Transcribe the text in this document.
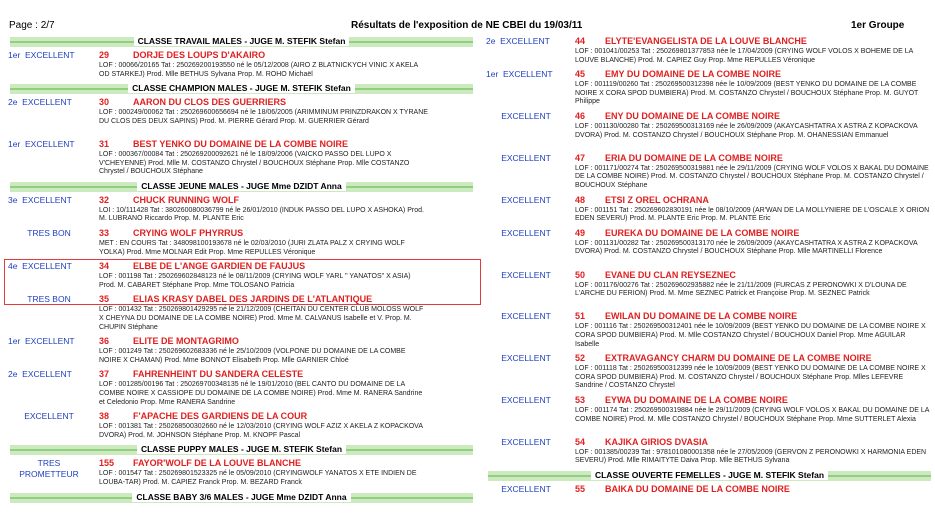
Page : 2/7	Résultats de l'exposition de NE CBEI du 19/03/11	1er Groupe
CLASSE TRAVAIL MALES - JUGE M. STEFIK Stefan
1er  EXCELLENT	29	DORJE DES LOUPS D'AKAIRO
LOF : 00066/20165 Tat : 250269200193550 né le 05/12/2008 (AIRO Z BLATNICKYCH VINIC X AKELA OD STARKEJ) Prod. Mlle BETHUS Sylvana Prop. M. ROHO Michaël
CLASSE CHAMPION MALES - JUGE M. STEFIK Stefan
2e  EXCELLENT	30	AARON DU CLOS DES GUERRIERS
LOF : 000249/00062 Tat : 250269600656694 né le 18/06/2005 (ARIMMINUM PRINZDRAKON X TYRANE DU CLOS DES DEUX SAPINS) Prod. M. PIERRE Gérard Prop. M. GUERRIER Gérard
1er  EXCELLENT	31	BEST YENKO DU DOMAINE DE LA COMBE NOIRE
LOF : 000367/00084 Tat : 250269200092621 né le 18/09/2006 (VAICKO PASSO DEL LUPO X V'CHEYENNE) Prod. Mlle M. COSTANZO Chrystel / BOUCHOUX Stéphane Prop. Mlle COSTANZO Chrystel / BOUCHOUX Stéphane
CLASSE JEUNE MALES - JUGE Mme DZIDT Anna
3e  EXCELLENT	32	CHUCK RUNNING WOLF
LOI : 10/111428 Tat : 380260080036799 né le 26/01/2010 (INDUK PASSO DEL LUPO X ASHOKA) Prod. M. LUBRANO Riccardo Prop. M. PLANTE Eric
TRES BON	33	CRYING WOLF PHYRRUS
MET : EN COURS Tat : 348098100193678 né le 02/03/2010 (JURI ZLATA PALZ X CRYING WOLF YOLKA) Prod. Mme MOLNAR Edit Prop. Mme REPULLES Véronique
4e  EXCELLENT	34	ELBE DE L'ANGE GARDIEN DE FAUJUS
LOF : 001198 Tat : 250269602848123 né le 08/11/2009 (CRYING WOLF YARL " YANATOS" X ASIA) Prod. M. CABARET Stéphane Prop. Mme TOLOSANO Patricia
TRES BON	35	ELIAS KRASY DABEL DES JARDINS DE L'ATLANTIQUE
LOF : 001432 Tat : 250269801429295 né le 21/12/2009 (CHEITAN DU CENTER CLUB MOLOSS WOLF X CHEYNA DU DOMAINE DE LA COMBE NOIRE) Prod. Mme M. CALVANUS Isabelle et V. Prop. M. CHUPIN Stéphane
1er  EXCELLENT	36	ELITE DE MONTAGRIMO
LOF : 001249 Tat : 250269602683336 né le 25/10/2009 (VOLPONE DU DOMAINE DE LA COMBE NOIRE X CHAMAN) Prod. Mme BONNOT Elisabeth Prop. Mlle GARNIER Chloé
2e  EXCELLENT	37	FAHRENHEINT DU SANDERA CELESTE
LOF : 001285/00196 Tat : 250269700348135 né le 19/01/2010 (BEL CANTO DU DOMAINE DE LA COMBE NOIRE X CASSIOPE DU DOMAINE DE LA COMBE NOIRE) Prod. Mme M. RANERA Sandrine et Celedonio Prop. Mme RANERA Sandrine
EXCELLENT	38	F'APACHE DES GARDIENS DE LA COUR
LOF : 001381 Tat : 250268500302660 né le 12/03/2010 (CRYING WOLF AZIZ X AKELA Z KOPACKOVA DVORA) Prod. M. JOHNSON Stéphane Prop. M. KNOPF Pascal
CLASSE PUPPY MALES - JUGE M. STEFIK Stefan
TRES
PROMETTEUR
155 FAYOR'WOLF DE LA LOUVE BLANCHE
LOF : 001547 Tat : 250269801523325 né le 05/09/2010 (CRYINGWOLF YANATOS X ETE INDIEN DE LOUBA-TAR) Prod. M. CAPIEZ Franck Prop. M. BEZARD Franck
CLASSE BABY 3/6 MALES - JUGE Mme DZIDT Anna
2e  EXCELLENT	44 ELYTE'EVANGELISTA DE LA LOUVE BLANCHE
LOF : 001041/00253 Tat : 250269801377853 née le 17/04/2009 (CRYING WOLF VOLOS X BOHEME DE LA LOUVE BLANCHE) Prod. M. CAPIEZ Guy Prop. Mme REPULLES Véronique
1er  EXCELLENT	45 EMY DU DOMAINE DE LA COMBE NOIRE
LOF : 001119/00260 Tat : 250269500312398 née le 10/09/2009 (BEST YENKO DU DOMAINE DE LA COMBE NOIRE X CORA SPOD DUMBIERA) Prod. M. COSTANZO Chrystel / BOUCHOUX Stéphane Prop. M. GUYOT Philippe
EXCELLENT	46 ENY DU DOMAINE DE LA COMBE NOIRE
LOF : 001130/00280 Tat : 250269500313169 née le 26/09/2009 (AKAYCASHTATRA X ASTRA Z KOPACKOVA DVORA) Prod. M. COSTANZO Chrystel / BOUCHOUX Stéphane Prop. M. OHANESSIAN Emmanuel
EXCELLENT	47 ERIA DU DOMAINE DE LA COMBE NOIRE
LOF : 001171/00274 Tat : 250269500319881 née le 29/11/2009 (CRYING WOLF VOLOS X BAKAL DU DOMAINE DE LA COMBE NOIRE) Prod. M. COSTANZO Chrystel / BOUCHOUX Stéphane Prop. M. COSTANZO Chrystel / BOUCHOUX Stéphane
EXCELLENT	48 ETSI Z OREL OCHRANA
LOF : 001151 Tat : 250269602830191 née le 08/10/2009 (AR'WAN DE LA MOLLYNIERE DE L'OSCALE X ORION EDEN SEVERU) Prod. M. PLANTE Eric Prop. M. PLANTE Eric
EXCELLENT	49 EUREKA DU DOMAINE DE LA COMBE NOIRE
LOF : 001131/00282 Tat : 250269500313170 née le 26/09/2009 (AKAYCASHTATRA X ASTRA Z KOPACKOVA DVORA) Prod. M. COSTANZO Chrystel / BOUCHOUX Stéphane Prop. Mlle MARTINELLI Florence
EXCELLENT	50 EVANE DU CLAN REYSEZNEC
LOF : 001176/00276 Tat : 250269602935882 née le 21/11/2009 (FURCAS Z PERONOWKI X D'LOUNA DE L'ARCHE DU FERION) Prod. M. Mme SEZNEC Patrick et Françoise Prop. M. SEZNEC Patrick
EXCELLENT	51 EWILAN DU DOMAINE DE LA COMBE NOIRE
LOF : 001116 Tat : 250269500312401 née le 10/09/2009 (BEST YENKO DU DOMAINE DE LA COMBE NOIRE X CORA SPOD DUMBIERA) Prod. M. Mlle COSTANZO Chrystel / BOUCHOUX Daniel Prop. Mme AGUILAR Isabelle
EXCELLENT	52 EXTRAVAGANCY CHARM DU DOMAINE DE LA COMBE NOIRE
LOF : 001118 Tat : 250269500312399 née le 10/09/2009 (BEST YENKO DU DOMAINE DE LA COMBE NOIRE X CORA SPOD DUMBIERA) Prod. M. COSTANZO Chrystel / BOUCHOUX Stéphane Prop. Mlles LEFEVRE Sandrine / COSTANZO Chrystel
EXCELLENT	53 EYWA DU DOMAINE DE LA COMBE NOIRE
LOF : 001174 Tat : 250269500319884 née le 29/11/2009 (CRYING WOLF VOLOS X BAKAL DU DOMAINE DE LA COMBE NOIRE) Prod. M. Mlle COSTANZO Chrystel / BOUCHOUX Stéphane Prop. Mme SUTTERLET Alexia
EXCELLENT	54 KAJIKA GIRIOS DVASIA
LOF : 001385/00239 Tat : 978101080001358 née le 27/05/2009 (GERVON Z PERONOWKI X HARMONIA EDEN SEVERU) Prod. Mlle RIMAITYTE Daiva Prop. Mlle BETHUS Sylvana
CLASSE OUVERTE FEMELLES - JUGE M. STEFIK Stefan
EXCELLENT	55 BAIKA DU DOMAINE DE LA COMBE NOIRE
